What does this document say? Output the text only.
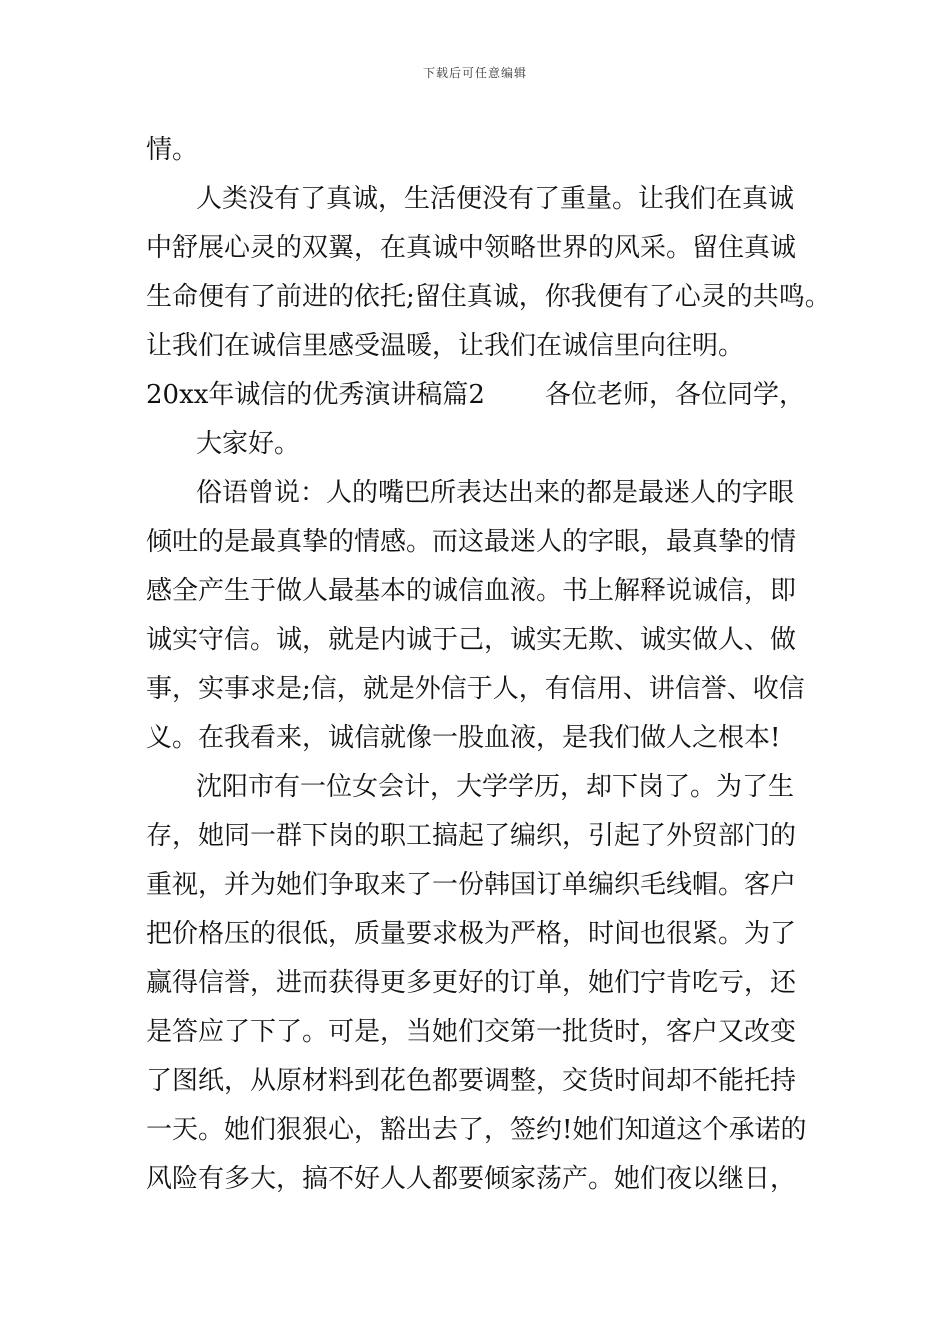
下载后可任意编辑
情。
人类没有了真诚，生活便没有了重量。让我们在真诚
中舒展心灵的双翼，在真诚中领略世界的风采。留住真诚
生命便有了前进的依托;留住真诚，你我便有了心灵的共鸣。
让我们在诚信里感受温暖，让我们在诚信里向往明。
20xx年诚信的优秀演讲稿篇2 各位老师，各位同学，
大家好。
俗语曾说：人的嘴巴所表达出来的都是最迷人的字眼
倾吐的是最真挚的情感。而这最迷人的字眼，最真挚的情
感全产生于做人最基本的诚信血液。书上解释说诚信，即
诚实守信。诚，就是内诚于己，诚实无欺、诚实做人、做
事，实事求是;信，就是外信于人，有信用、讲信誉、收信
义。在我看来，诚信就像一股血液，是我们做人之根本!
沈阳市有一位女会计，大学学历，却下岗了。为了生
存，她同一群下岗的职工搞起了编织，引起了外贸部门的
重视，并为她们争取来了一份韩国订单编织毛线帽。客户
把价格压的很低，质量要求极为严格，时间也很紧。为了
赢得信誉，进而获得更多更好的订单，她们宁肯吃亏，还
是答应了下了。可是，当她们交第一批货时，客户又改变
了图纸，从原材料到花色都要调整，交货时间却不能托持
一天。她们狠狠心，豁出去了，签约!她们知道这个承诺的
风险有多大，搞不好人人都要倾家荡产。她们夜以继日，
